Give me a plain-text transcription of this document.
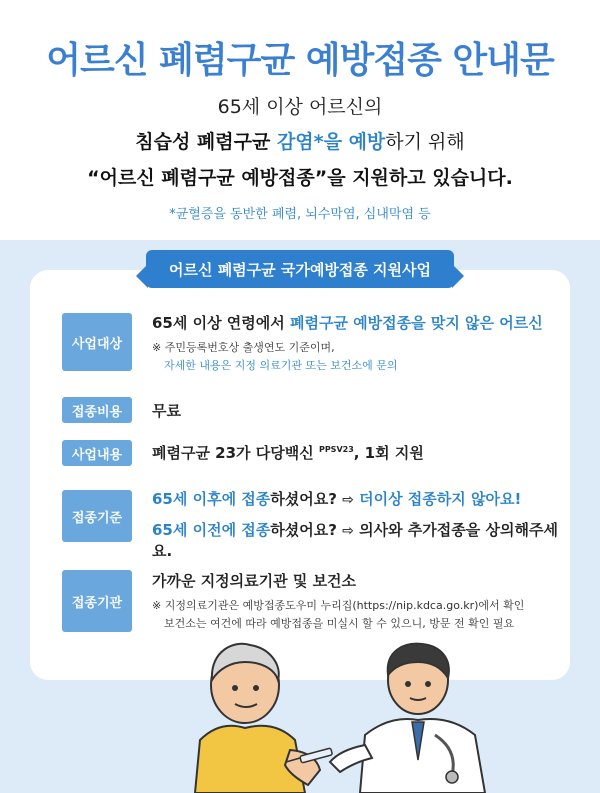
어르신 폐렴구균 예방접종 안내문
65세 이상 어르신의
침습성 폐렴구균 감염*을 예방하기 위해
“어르신 폐렴구균 예방접종”을 지원하고 있습니다.
*균혈증을 동반한 폐렴, 뇌수막염, 심내막염 등
어르신 폐렴구균 국가예방접종 지원사업
사업대상
65세 이상 연령에서 폐렴구균 예방접종을 맞지 않은 어르신
※ 주민등록번호상 출생연도 기준이며,
자세한 내용은 지정 의료기관 또는 보건소에 문의
접종비용	무료
사업내용	폐렴구균 23가 다당백신 $^{PPSV23}$, 1회 지원
접종기준
65세 이후에 접종하셨어요? ⇨ 더이상 접종하지 않아요!
65세 이전에 접종하셨어요? ⇨ 의사와 추가접종을 상의해주세요.
접종기관
가까운 지정의료기관 및 보건소
※ 지정의료기관은 예방접종도우미 누리집(https://nip.kdca.go.kr)에서 확인
보건소는 여건에 따라 예방접종을 미실시 할 수 있으니, 방문 전 확인 필요
